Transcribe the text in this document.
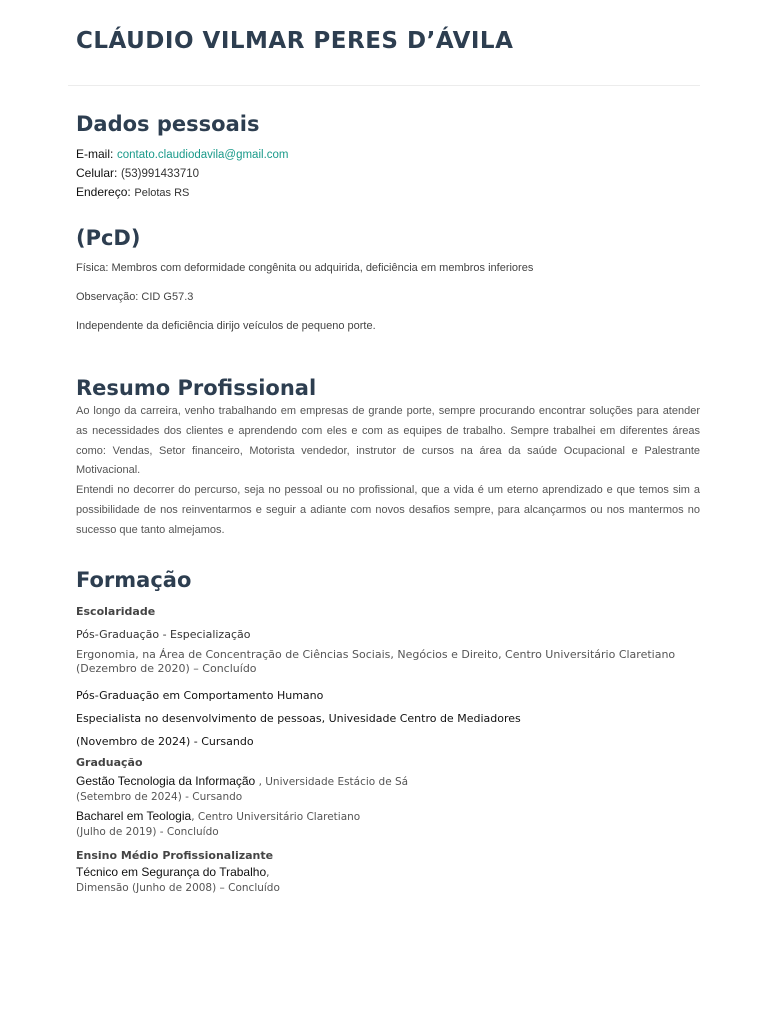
CLÁUDIO VILMAR PERES D’ÁVILA
Dados pessoais
E-mail: contato.claudiodavila@gmail.com
Celular: (53)991433710
Endereço: Pelotas RS
(PcD)

Física: Membros com deformidade congênita ou adquirida, deficiência em membros inferiores

Observação: CID G57.3

Independente da deficiência dirijo veículos de pequeno porte.

Resumo Profissional

Ao longo da carreira, venho trabalhando em empresas de grande porte, sempre procurando encontrar soluções para atender as necessidades dos clientes e aprendendo com eles e com as equipes de trabalho. Sempre trabalhei em diferentes áreas como: Vendas, Setor financeiro, Motorista vendedor, instrutor de cursos na área da saúde Ocupacional e Palestrante Motivacional.

Entendi no decorrer do percurso, seja no pessoal ou no profissional, que a vida é um eterno aprendizado e que temos sim a possibilidade de nos reinventarmos e seguir a adiante com novos desafios sempre, para alcançarmos ou nos mantermos no sucesso que tanto almejamos.

Formação
Escolaridade
Pós-Graduação - Especialização
Ergonomia, na Área de Concentração de Ciências Sociais, Negócios e Direito, Centro Universitário Claretiano
(Dezembro de 2020) – Concluído
Pós-Graduação em Comportamento Humano
Especialista no desenvolvimento de pessoas, Univesidade Centro de Mediadores
(Novembro de 2024) - Cursando
Graduação
Gestão Tecnologia da Informação , Universidade Estácio de Sá
(Setembro de 2024) - Cursando
Bacharel em Teologia, Centro Universitário Claretiano
(Julho de 2019) - Concluído
Ensino Médio Profissionalizante
Técnico em Segurança do Trabalho,
Dimensão (Junho de 2008) – Concluído
